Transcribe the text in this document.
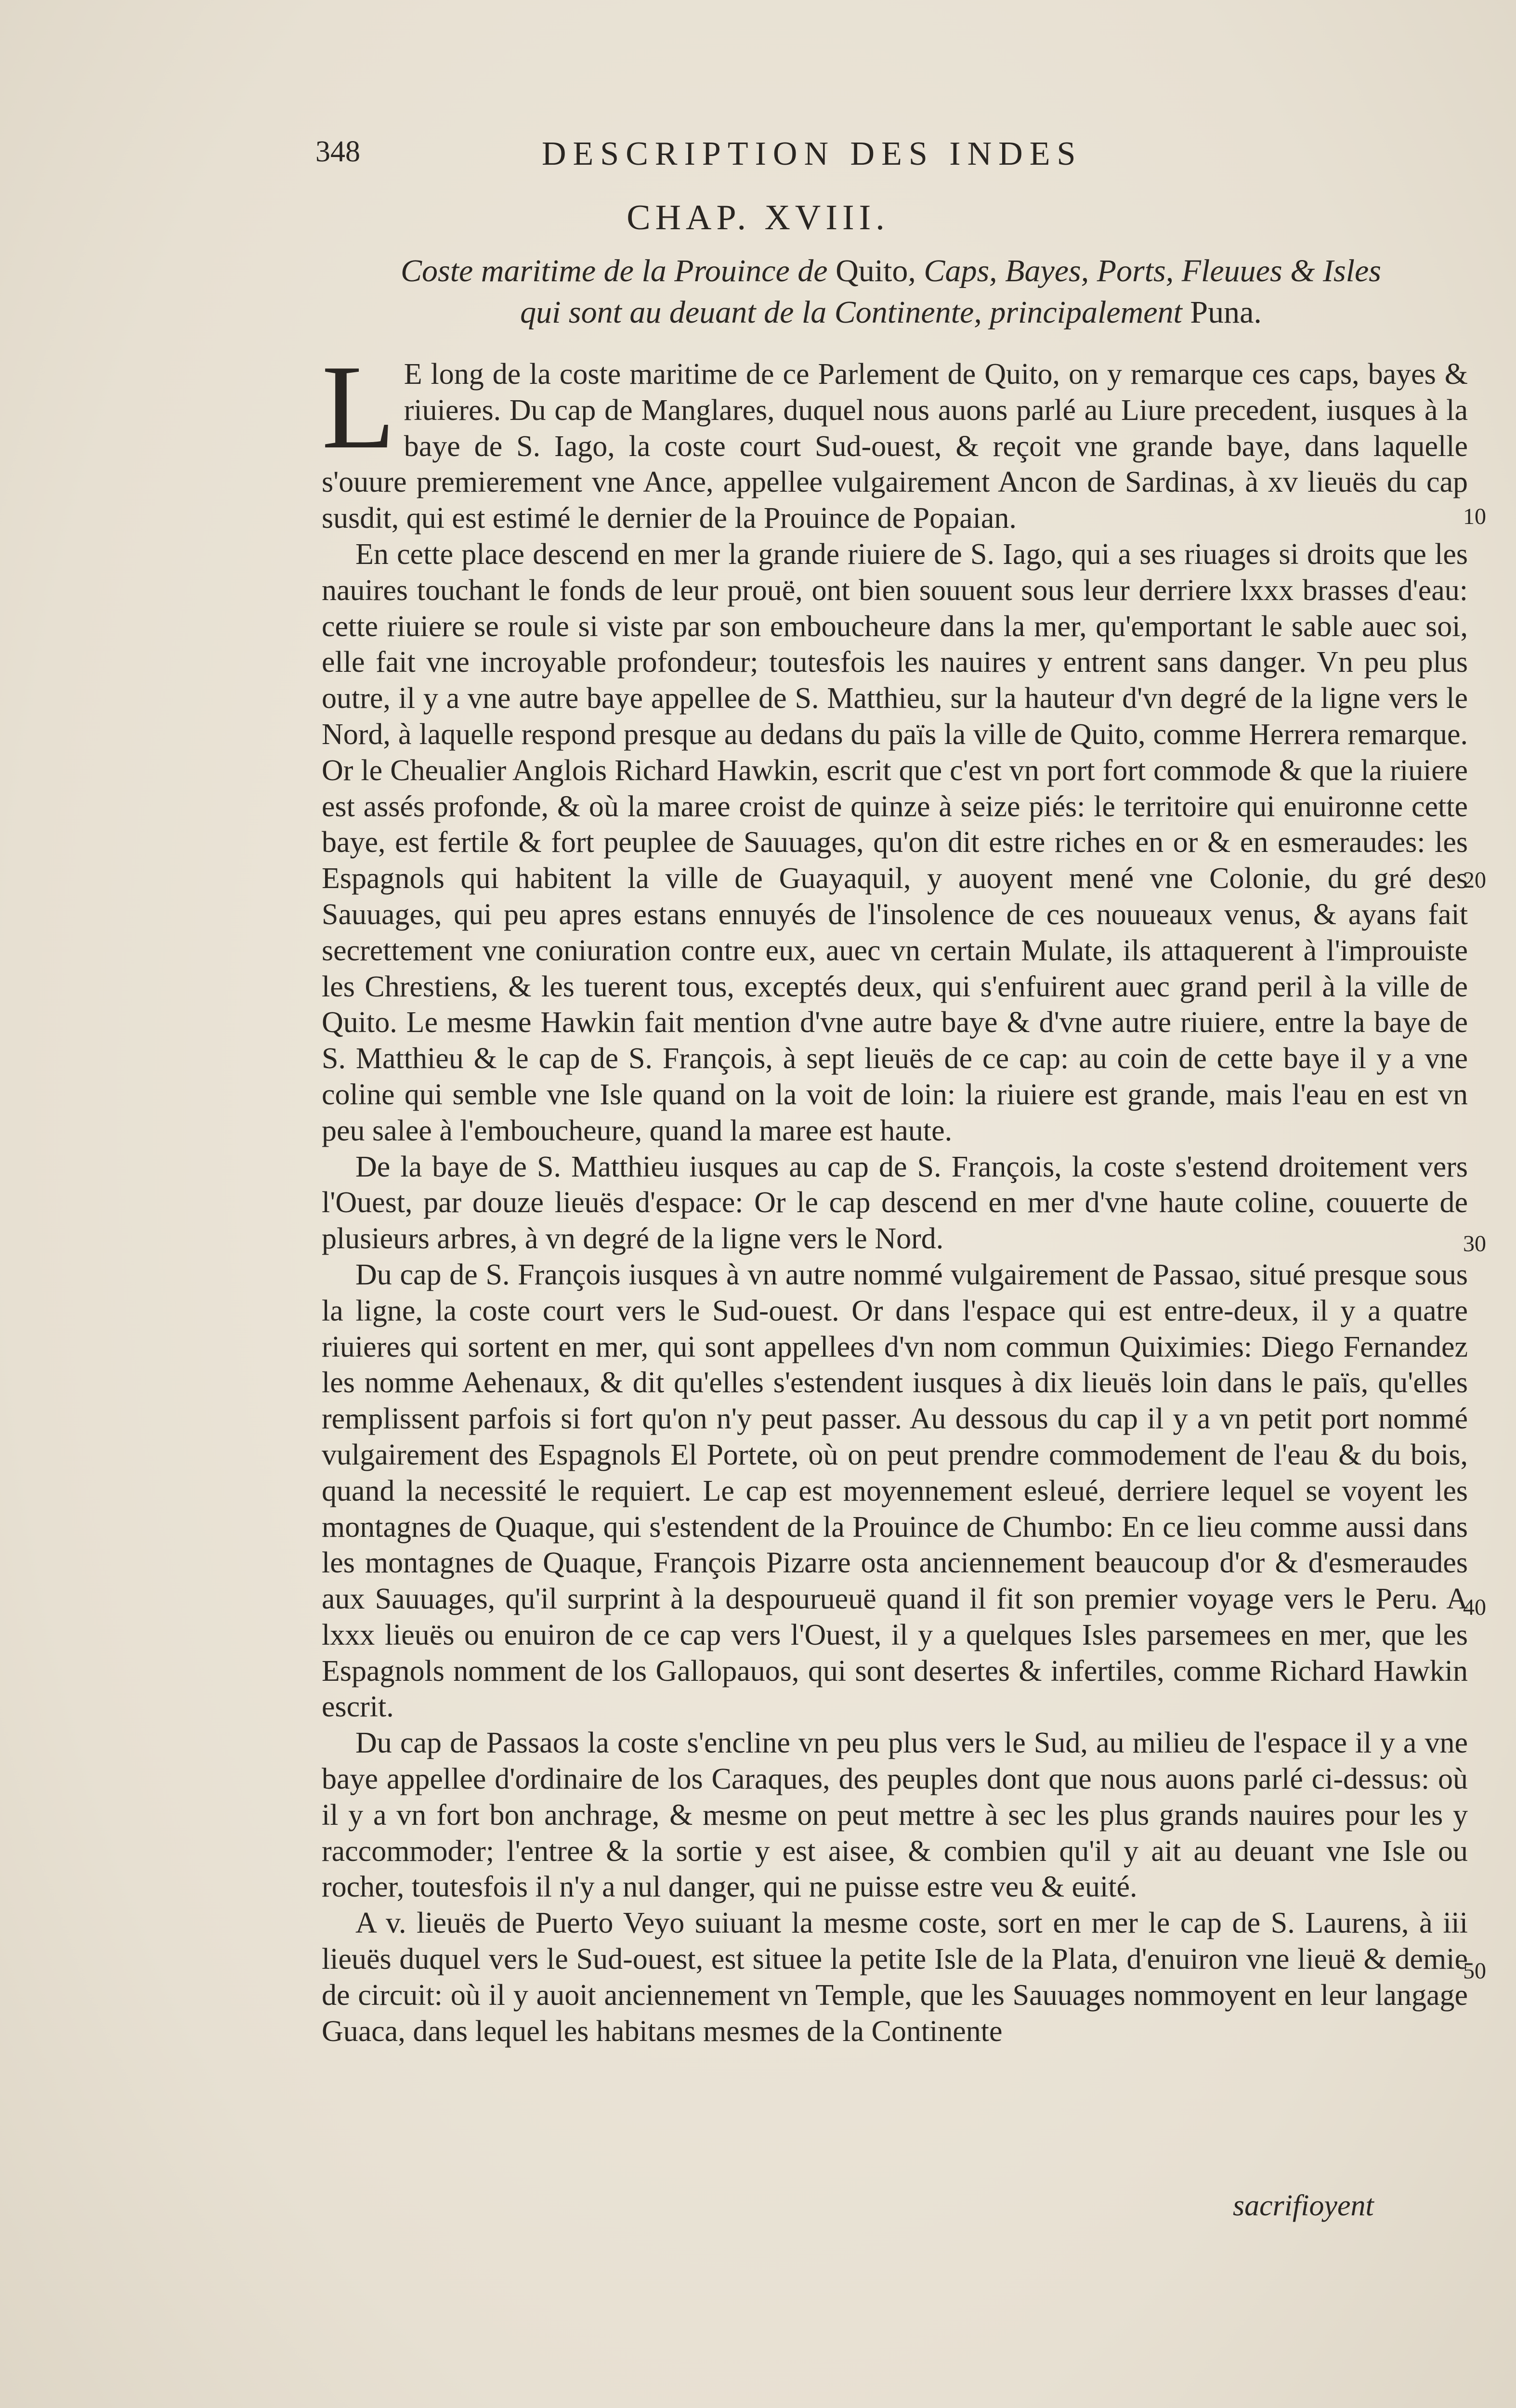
348	DESCRIPTION DES INDES
CHAP. XVIII.
Coste maritime de la Prouince de Quito, Caps, Bayes, Ports, Fleuues & Isles
qui sont au deuant de la Continente, principalement Puna.

L E long de la coste maritime de ce Parlement de Quito, on y remarque ces caps, bayes & riuieres. Du cap de Manglares, duquel nous auons parlé au Liure precedent, iusques à la baye de S. Iago, la coste court Sud-ouest, & reçoit vne grande baye, dans laquelle s'ouure premierement vne Ance, appellee vulgairement Ancon de Sardinas, à xv lieuës du cap susdit, qui est estimé le dernier de la Prouince de Popaian.

En cette place descend en mer la grande riuiere de S. Iago, qui a ses riuages si droits que les nauires touchant le fonds de leur prouë, ont bien souuent sous leur derriere lxxx brasses d'eau: cette riuiere se roule si viste par son emboucheure dans la mer, qu'emportant le sable auec soi, elle fait vne incroyable profondeur; toutesfois les nauires y entrent sans danger. Vn peu plus outre, il y a vne autre baye appellee de S. Matthieu, sur la hauteur d'vn degré de la ligne vers le Nord, à laquelle respond presque au dedans du païs la ville de Quito, comme Herrera remarque. Or le Cheualier Anglois Richard Hawkin, escrit que c'est vn port fort commode & que la riuiere est assés profonde, & où la maree croist de quinze à seize piés: le territoire qui enuironne cette baye, est fertile & fort peuplee de Sauuages, qu'on dit estre riches en or & en esmeraudes: les Espagnols qui habitent la ville de Guayaquil, y auoyent mené vne Colonie, du gré des Sauuages, qui peu apres estans ennuyés de l'insolence de ces nouueaux venus, & ayans fait secrettement vne coniuration contre eux, auec vn certain Mulate, ils attaquerent à l'improuiste les Chrestiens, & les tuerent tous, exceptés deux, qui s'enfuirent auec grand peril à la ville de Quito. Le mesme Hawkin fait mention d'vne autre baye & d'vne autre riuiere, entre la baye de S. Matthieu & le cap de S. François, à sept lieuës de ce cap: au coin de cette baye il y a vne coline qui semble vne Isle quand on la voit de loin: la riuiere est grande, mais l'eau en est vn peu salee à l'emboucheure, quand la maree est haute.

De la baye de S. Matthieu iusques au cap de S. François, la coste s'estend droitement vers l'Ouest, par douze lieuës d'espace: Or le cap descend en mer d'vne haute coline, couuerte de plusieurs arbres, à vn degré de la ligne vers le Nord.

Du cap de S. François iusques à vn autre nommé vulgairement de Passao, situé presque sous la ligne, la coste court vers le Sud-ouest. Or dans l'espace qui est entre-deux, il y a quatre riuieres qui sortent en mer, qui sont appellees d'vn nom commun Quiximies: Diego Fernandez les nomme Aehenaux, & dit qu'elles s'estendent iusques à dix lieuës loin dans le païs, qu'elles remplissent parfois si fort qu'on n'y peut passer. Au dessous du cap il y a vn petit port nommé vulgairement des Espagnols El Portete, où on peut prendre commodement de l'eau & du bois, quand la necessité le requiert. Le cap est moyennement esleué, derriere lequel se voyent les montagnes de Quaque, qui s'estendent de la Prouince de Chumbo: En ce lieu comme aussi dans les montagnes de Quaque, François Pizarre osta anciennement beaucoup d'or & d'esmeraudes aux Sauuages, qu'il surprint à la despourueuë quand il fit son premier voyage vers le Peru. A lxxx lieuës ou enuiron de ce cap vers l'Ouest, il y a quelques Isles parsemees en mer, que les Espagnols nomment de los Gallopauos, qui sont desertes & infertiles, comme Richard Hawkin escrit.

Du cap de Passaos la coste s'encline vn peu plus vers le Sud, au milieu de l'espace il y a vne baye appellee d'ordinaire de los Caraques, des peuples dont que nous auons parlé ci-dessus: où il y a vn fort bon anchrage, & mesme on peut mettre à sec les plus grands nauires pour les y raccommoder; l'entree & la sortie y est aisee, & combien qu'il y ait au deuant vne Isle ou rocher, toutesfois il n'y a nul danger, qui ne puisse estre veu & euité.

A v. lieuës de Puerto Veyo suiuant la mesme coste, sort en mer le cap de S. Laurens, à iii lieuës duquel vers le Sud-ouest, est situee la petite Isle de la Plata, d'enuiron vne lieuë & demie de circuit: où il y auoit anciennement vn Temple, que les Sauuages nommoyent en leur langage Guaca, dans lequel les habitans mesmes de la Continente

10
20
30
40
50
sacrifioyent
